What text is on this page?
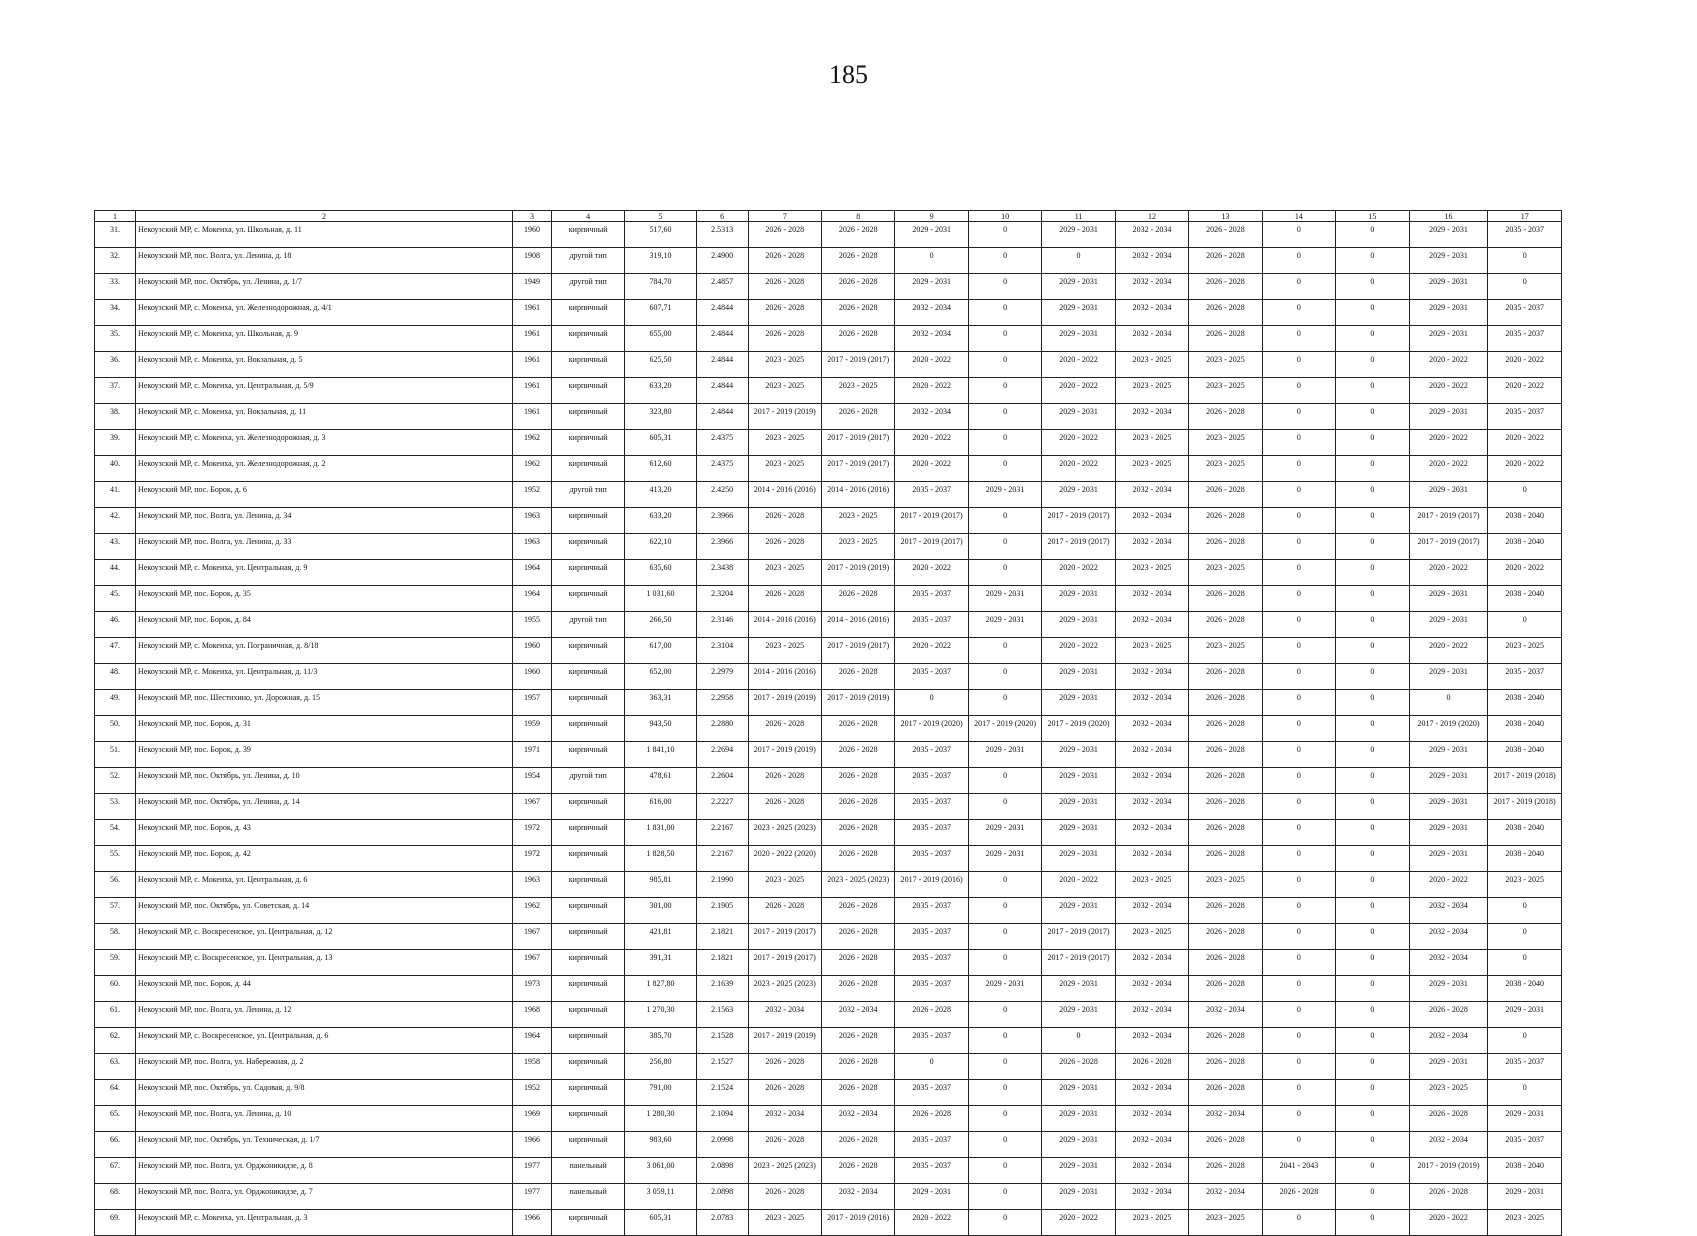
185
1	2	3	4	5	6	7	8	9	10	11	12	13	14	15	16	17
31.	Некоузский МР, с. Мокеиха, ул. Школьная, д. 11	1960	кирпичный	517,60	2.5313	2026 - 2028	2026 - 2028	2029 - 2031	0	2029 - 2031	2032 - 2034	2026 - 2028	0	0	2029 - 2031	2035 - 2037
32.	Некоузский МР, пос. Волга, ул. Ленина, д. 18	1908	другой тип	319,10	2.4900	2026 - 2028	2026 - 2028	0	0	0	2032 - 2034	2026 - 2028	0	0	2029 - 2031	0
33.	Некоузский МР, пос. Октябрь, ул. Ленина, д. 1/7	1949	другой тип	784,70	2.4857	2026 - 2028	2026 - 2028	2029 - 2031	0	2029 - 2031	2032 - 2034	2026 - 2028	0	0	2029 - 2031	0
34.	Некоузский МР, с. Мокеиха, ул. Железнодорожная, д. 4/1	1961	кирпичный	607,71	2.4844	2026 - 2028	2026 - 2028	2032 - 2034	0	2029 - 2031	2032 - 2034	2026 - 2028	0	0	2029 - 2031	2035 - 2037
35.	Некоузский МР, с. Мокеиха, ул. Школьная, д. 9	1961	кирпичный	655,00	2.4844	2026 - 2028	2026 - 2028	2032 - 2034	0	2029 - 2031	2032 - 2034	2026 - 2028	0	0	2029 - 2031	2035 - 2037
36.	Некоузский МР, с. Мокеиха, ул. Вокзальная, д. 5	1961	кирпичный	625,50	2.4844	2023 - 2025	2017 - 2019 (2017)	2020 - 2022	0	2020 - 2022	2023 - 2025	2023 - 2025	0	0	2020 - 2022	2020 - 2022
37.	Некоузский МР, с. Мокеиха, ул. Центральная, д. 5/9	1961	кирпичный	633,20	2.4844	2023 - 2025	2023 - 2025	2020 - 2022	0	2020 - 2022	2023 - 2025	2023 - 2025	0	0	2020 - 2022	2020 - 2022
38.	Некоузский МР, с. Мокеиха, ул. Вокзальная, д. 11	1961	кирпичный	323,80	2.4844	2017 - 2019 (2019)	2026 - 2028	2032 - 2034	0	2029 - 2031	2032 - 2034	2026 - 2028	0	0	2029 - 2031	2035 - 2037
39.	Некоузский МР, с. Мокеиха, ул. Железнодорожная, д. 3	1962	кирпичный	605,31	2.4375	2023 - 2025	2017 - 2019 (2017)	2020 - 2022	0	2020 - 2022	2023 - 2025	2023 - 2025	0	0	2020 - 2022	2020 - 2022
40.	Некоузский МР, с. Мокеиха, ул. Железнодорожная, д. 2	1962	кирпичный	612,60	2.4375	2023 - 2025	2017 - 2019 (2017)	2020 - 2022	0	2020 - 2022	2023 - 2025	2023 - 2025	0	0	2020 - 2022	2020 - 2022
41.	Некоузский МР, пос. Борок, д. 6	1952	другой тип	413,20	2.4250	2014 - 2016 (2016)	2014 - 2016 (2016)	2035 - 2037	2029 - 2031	2029 - 2031	2032 - 2034	2026 - 2028	0	0	2029 - 2031	0
42.	Некоузский МР, пос. Волга, ул. Ленина, д. 34	1963	кирпичный	633,20	2.3966	2026 - 2028	2023 - 2025	2017 - 2019 (2017)	0	2017 - 2019 (2017)	2032 - 2034	2026 - 2028	0	0	2017 - 2019 (2017)	2038 - 2040
43.	Некоузский МР, пос. Волга, ул. Ленина, д. 33	1963	кирпичный	622,10	2.3966	2026 - 2028	2023 - 2025	2017 - 2019 (2017)	0	2017 - 2019 (2017)	2032 - 2034	2026 - 2028	0	0	2017 - 2019 (2017)	2038 - 2040
44.	Некоузский МР, с. Мокеиха, ул. Центральная, д. 9	1964	кирпичный	635,60	2.3438	2023 - 2025	2017 - 2019 (2019)	2020 - 2022	0	2020 - 2022	2023 - 2025	2023 - 2025	0	0	2020 - 2022	2020 - 2022
45.	Некоузский МР, пос. Борок, д. 35	1964	кирпичный	1 031,60	2.3204	2026 - 2028	2026 - 2028	2035 - 2037	2029 - 2031	2029 - 2031	2032 - 2034	2026 - 2028	0	0	2029 - 2031	2038 - 2040
46.	Некоузский МР, пос. Борок, д. 84	1955	другой тип	266,50	2.3146	2014 - 2016 (2016)	2014 - 2016 (2016)	2035 - 2037	2029 - 2031	2029 - 2031	2032 - 2034	2026 - 2028	0	0	2029 - 2031	0
47.	Некоузский МР, с. Мокеиха, ул. Пограничная, д. 8/18	1960	кирпичный	617,00	2.3104	2023 - 2025	2017 - 2019 (2017)	2020 - 2022	0	2020 - 2022	2023 - 2025	2023 - 2025	0	0	2020 - 2022	2023 - 2025
48.	Некоузский МР, с. Мокеиха, ул. Центральная, д. 11/3	1960	кирпичный	652,00	2.2979	2014 - 2016 (2016)	2026 - 2028	2035 - 2037	0	2029 - 2031	2032 - 2034	2026 - 2028	0	0	2029 - 2031	2035 - 2037
49.	Некоузский МР, пос. Шестихино, ул. Дорожная, д. 15	1957	кирпичный	363,31	2.2958	2017 - 2019 (2019)	2017 - 2019 (2019)	0	0	2029 - 2031	2032 - 2034	2026 - 2028	0	0	0	2038 - 2040
50.	Некоузский МР, пос. Борок, д. 31	1959	кирпичный	943,50	2.2880	2026 - 2028	2026 - 2028	2017 - 2019 (2020)	2017 - 2019 (2020)	2017 - 2019 (2020)	2032 - 2034	2026 - 2028	0	0	2017 - 2019 (2020)	2038 - 2040
51.	Некоузский МР, пос. Борок, д. 39	1971	кирпичный	1 841,10	2.2694	2017 - 2019 (2019)	2026 - 2028	2035 - 2037	2029 - 2031	2029 - 2031	2032 - 2034	2026 - 2028	0	0	2029 - 2031	2038 - 2040
52.	Некоузский МР, пос. Октябрь, ул. Ленина, д. 10	1954	другой тип	478,61	2.2604	2026 - 2028	2026 - 2028	2035 - 2037	0	2029 - 2031	2032 - 2034	2026 - 2028	0	0	2029 - 2031	2017 - 2019 (2018)
53.	Некоузский МР, пос. Октябрь, ул. Ленина, д. 14	1967	кирпичный	616,00	2.2227	2026 - 2028	2026 - 2028	2035 - 2037	0	2029 - 2031	2032 - 2034	2026 - 2028	0	0	2029 - 2031	2017 - 2019 (2018)
54.	Некоузский МР, пос. Борок, д. 43	1972	кирпичный	1 831,00	2.2167	2023 - 2025 (2023)	2026 - 2028	2035 - 2037	2029 - 2031	2029 - 2031	2032 - 2034	2026 - 2028	0	0	2029 - 2031	2038 - 2040
55.	Некоузский МР, пос. Борок, д. 42	1972	кирпичный	1 828,50	2.2167	2020 - 2022 (2020)	2026 - 2028	2035 - 2037	2029 - 2031	2029 - 2031	2032 - 2034	2026 - 2028	0	0	2029 - 2031	2038 - 2040
56.	Некоузский МР, с. Мокеиха, ул. Центральная, д. 6	1963	кирпичный	985,81	2.1990	2023 - 2025	2023 - 2025 (2023)	2017 - 2019 (2016)	0	2020 - 2022	2023 - 2025	2023 - 2025	0	0	2020 - 2022	2023 - 2025
57.	Некоузский МР, пос. Октябрь, ул. Советская, д. 14	1962	кирпичный	301,00	2.1905	2026 - 2028	2026 - 2028	2035 - 2037	0	2029 - 2031	2032 - 2034	2026 - 2028	0	0	2032 - 2034	0
58.	Некоузский МР, с. Воскресенское, ул. Центральная, д. 12	1967	кирпичный	421,81	2.1821	2017 - 2019 (2017)	2026 - 2028	2035 - 2037	0	2017 - 2019 (2017)	2023 - 2025	2026 - 2028	0	0	2032 - 2034	0
59.	Некоузский МР, с. Воскресенское, ул. Центральная, д. 13	1967	кирпичный	391,31	2.1821	2017 - 2019 (2017)	2026 - 2028	2035 - 2037	0	2017 - 2019 (2017)	2032 - 2034	2026 - 2028	0	0	2032 - 2034	0
60.	Некоузский МР, пос. Борок, д. 44	1973	кирпичный	1 827,80	2.1639	2023 - 2025 (2023)	2026 - 2028	2035 - 2037	2029 - 2031	2029 - 2031	2032 - 2034	2026 - 2028	0	0	2029 - 2031	2038 - 2040
61.	Некоузский МР, пос. Волга, ул. Ленина, д. 12	1968	кирпичный	1 270,30	2.1563	2032 - 2034	2032 - 2034	2026 - 2028	0	2029 - 2031	2032 - 2034	2032 - 2034	0	0	2026 - 2028	2029 - 2031
62.	Некоузский МР, с. Воскресенское, ул. Центральная, д. 6	1964	кирпичный	385,70	2.1528	2017 - 2019 (2019)	2026 - 2028	2035 - 2037	0	0	2032 - 2034	2026 - 2028	0	0	2032 - 2034	0
63.	Некоузский МР, пос. Волга, ул. Набережная, д. 2	1958	кирпичный	256,80	2.1527	2026 - 2028	2026 - 2028	0	0	2026 - 2028	2026 - 2028	2026 - 2028	0	0	2029 - 2031	2035 - 2037
64.	Некоузский МР, пос. Октябрь, ул. Садовая, д. 9/8	1952	кирпичный	791,00	2.1524	2026 - 2028	2026 - 2028	2035 - 2037	0	2029 - 2031	2032 - 2034	2026 - 2028	0	0	2023 - 2025	0
65.	Некоузский МР, пос. Волга, ул. Ленина, д. 10	1969	кирпичный	1 280,30	2.1094	2032 - 2034	2032 - 2034	2026 - 2028	0	2029 - 2031	2032 - 2034	2032 - 2034	0	0	2026 - 2028	2029 - 2031
66.	Некоузский МР, пос. Октябрь, ул. Техническая, д. 1/7	1966	кирпичный	983,60	2.0998	2026 - 2028	2026 - 2028	2035 - 2037	0	2029 - 2031	2032 - 2034	2026 - 2028	0	0	2032 - 2034	2035 - 2037
67.	Некоузский МР, пос. Волга, ул. Орджоникидзе, д. 8	1977	панельный	3 061,00	2.0898	2023 - 2025 (2023)	2026 - 2028	2035 - 2037	0	2029 - 2031	2032 - 2034	2026 - 2028	2041 - 2043	0	2017 - 2019 (2019)	2038 - 2040
68.	Некоузский МР, пос. Волга, ул. Орджоникидзе, д. 7	1977	панельный	3 059,11	2.0898	2026 - 2028	2032 - 2034	2029 - 2031	0	2029 - 2031	2032 - 2034	2032 - 2034	2026 - 2028	0	2026 - 2028	2029 - 2031
69.	Некоузский МР, с. Мокеиха, ул. Центральная, д. 3	1966	кирпичный	605,31	2.0783	2023 - 2025	2017 - 2019 (2016)	2020 - 2022	0	2020 - 2022	2023 - 2025	2023 - 2025	0	0	2020 - 2022	2023 - 2025
